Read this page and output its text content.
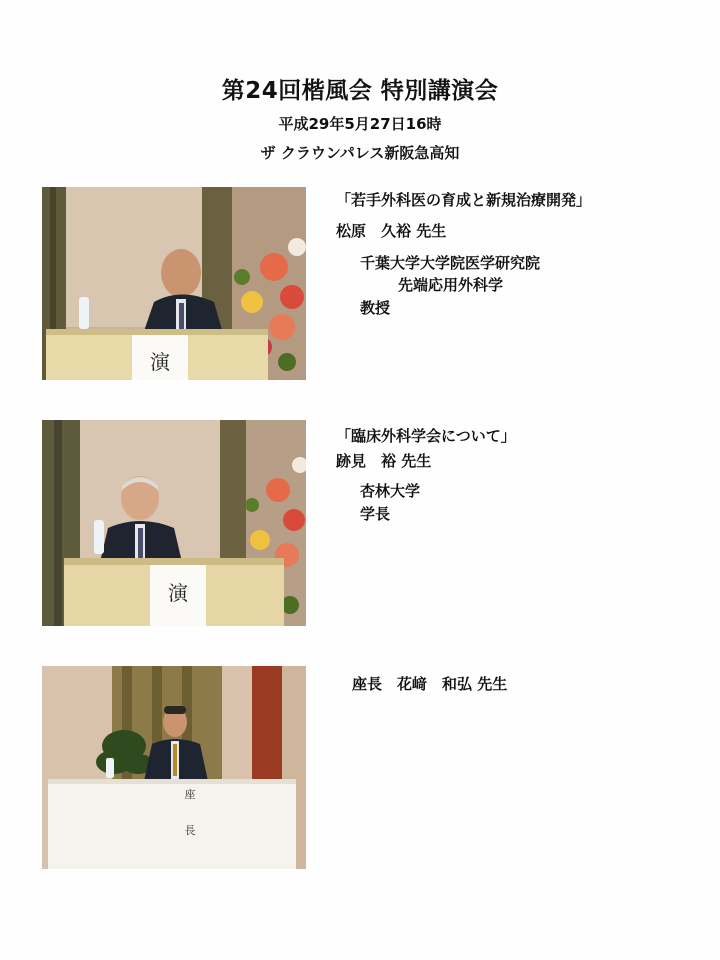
第24回楷風会 特別講演会
平成29年5月27日16時
ザ クラウンパレス新阪急高知
演
「若手外科医の育成と新規治療開発」
松原　久裕 先生
千葉大学大学院医学研究院
先端応用外科学
教授
演
「臨床外科学会について」
跡見　裕 先生
杏林大学
学長
座
長
座長　花﨑　和弘 先生
